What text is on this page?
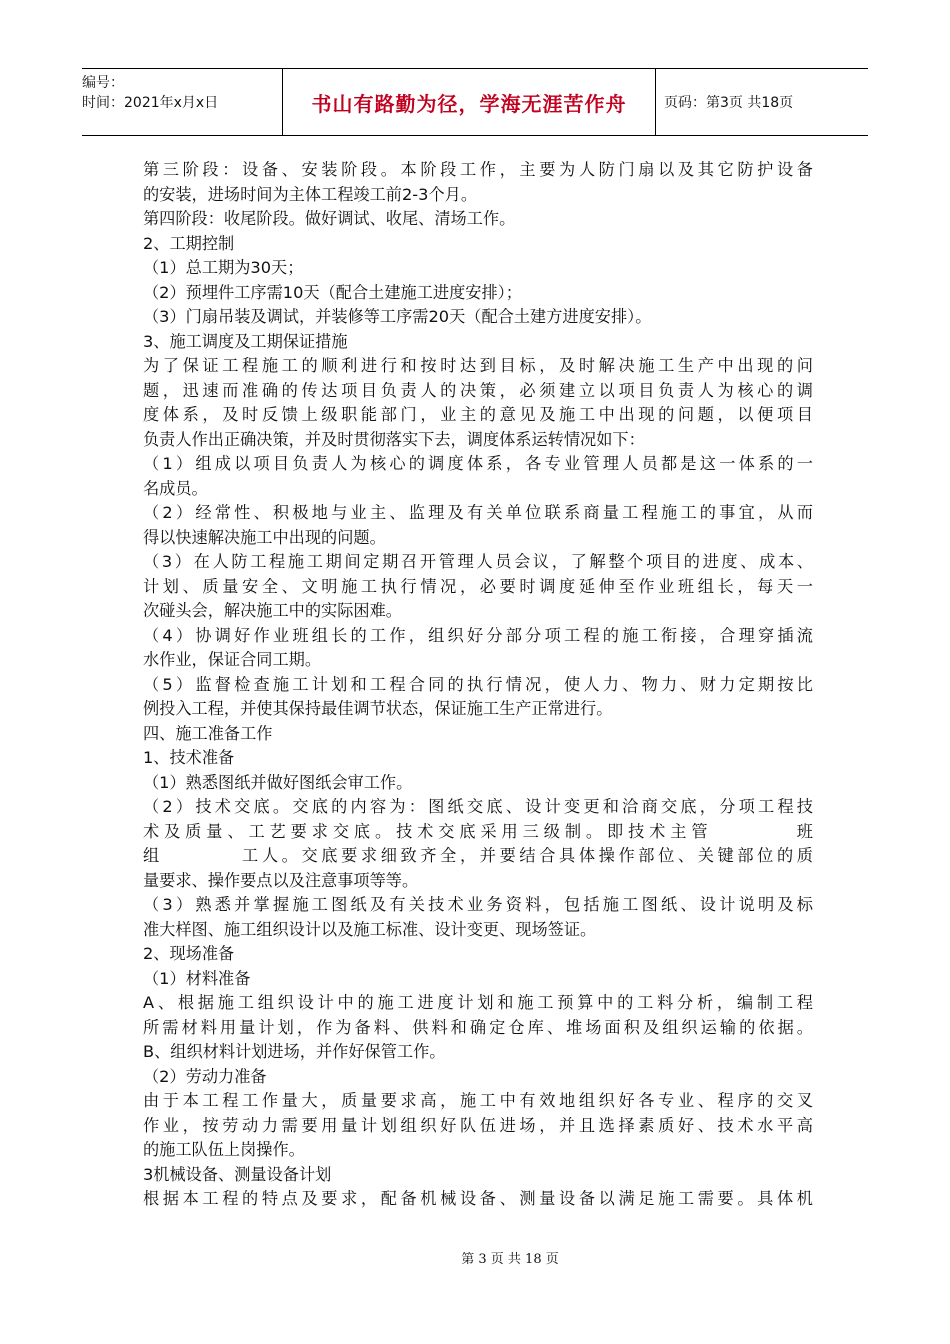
编号：
时间：2021年x月x日	书山有路勤为径，学海无涯苦作舟	页码：第3页 共18页
第三阶段：设备、安装阶段。本阶段工作，主要为人防门扇以及其它防护设备
的安装，进场时间为主体工程竣工前2-3个月。
第四阶段：收尾阶段。做好调试、收尾、清场工作。
2、工期控制
（1）总工期为30天；
（2）预埋件工序需10天（配合土建施工进度安排）；
（3）门扇吊装及调试，并装修等工序需20天（配合土建方进度安排）。
3、施工调度及工期保证措施
为了保证工程施工的顺利进行和按时达到目标，及时解决施工生产中出现的问
题，迅速而准确的传达项目负责人的决策，必须建立以项目负责人为核心的调
度体系，及时反馈上级职能部门，业主的意见及施工中出现的问题，以便项目
负责人作出正确决策，并及时贯彻落实下去，调度体系运转情况如下：
（1）组成以项目负责人为核心的调度体系，各专业管理人员都是这一体系的一
名成员。
（2）经常性、积极地与业主、监理及有关单位联系商量工程施工的事宜，从而
得以快速解决施工中出现的问题。
（3）在人防工程施工期间定期召开管理人员会议，了解整个项目的进度、成本、
计划、质量安全、文明施工执行情况，必要时调度延伸至作业班组长，每天一
次碰头会，解决施工中的实际困难。
（4）协调好作业班组长的工作，组织好分部分项工程的施工衔接，合理穿插流
水作业，保证合同工期。
（5）监督检查施工计划和工程合同的执行情况，使人力、物力、财力定期按比
例投入工程，并使其保持最佳调节状态，保证施工生产正常进行。
四、施工准备工作
1、技术准备
（1）熟悉图纸并做好图纸会审工作。
（2）技术交底。交底的内容为：图纸交底、设计变更和洽商交底，分项工程技
术及质量、工艺要求交底。技术交底采用三级制。即技术主管　　　　班
组　　　　工人。交底要求细致齐全，并要结合具体操作部位、关键部位的质
量要求、操作要点以及注意事项等等。
（3）熟悉并掌握施工图纸及有关技术业务资料，包括施工图纸、设计说明及标
准大样图、施工组织设计以及施工标准、设计变更、现场签证。
2、现场准备
（1）材料准备
A、根据施工组织设计中的施工进度计划和施工预算中的工料分析，编制工程
所需材料用量计划，作为备料、供料和确定仓库、堆场面积及组织运输的依据。
B、组织材料计划进场，并作好保管工作。
（2）劳动力准备
由于本工程工作量大，质量要求高，施工中有效地组织好各专业、程序的交叉
作业，按劳动力需要用量计划组织好队伍进场，并且选择素质好、技术水平高
的施工队伍上岗操作。
3机械设备、测量设备计划
根据本工程的特点及要求，配备机械设备、测量设备以满足施工需要。具体机
第 3 页 共 18 页
